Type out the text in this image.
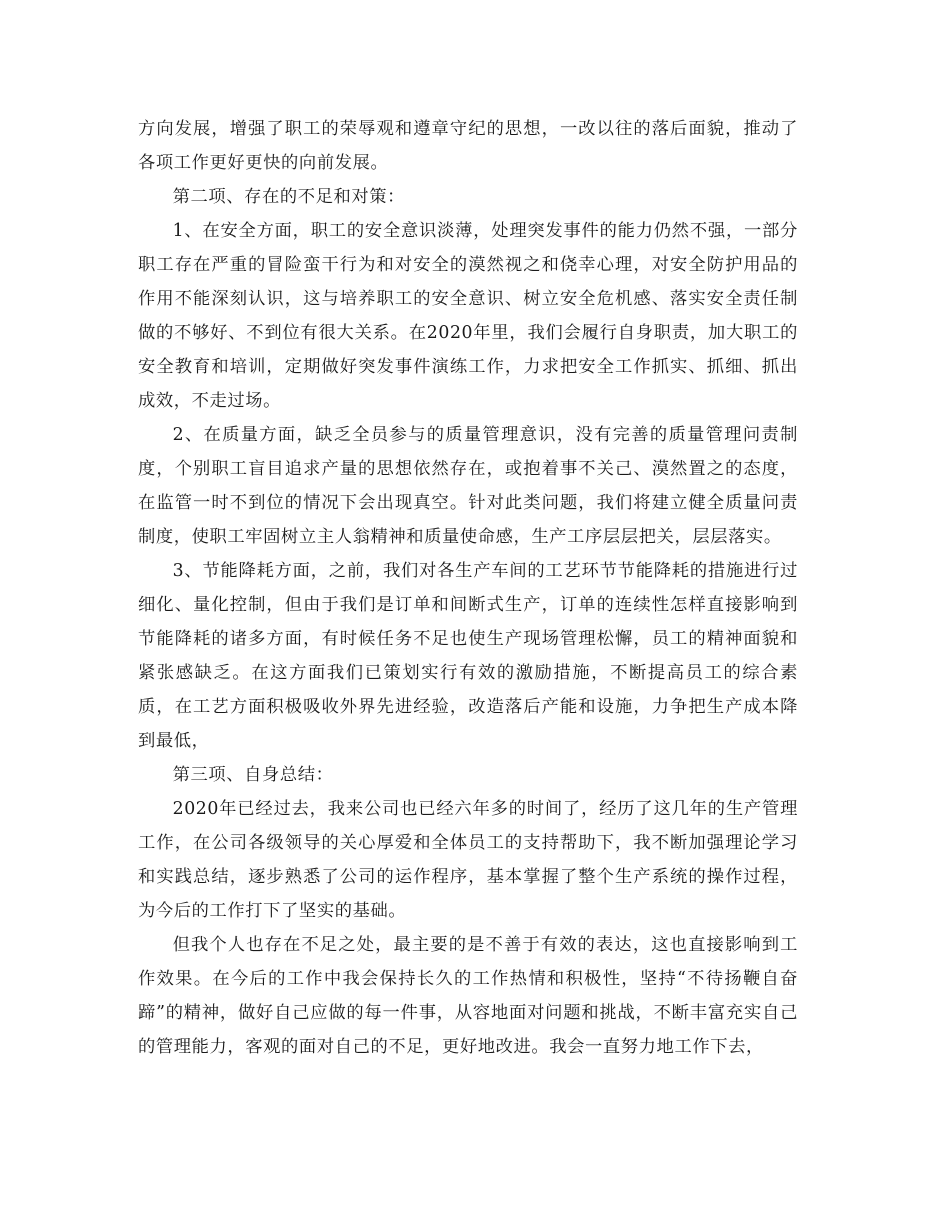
方向发展，增强了职工的荣辱观和遵章守纪的思想，一改以往的落后面貌，推动了各项工作更好更快的向前发展。

第二项、存在的不足和对策：

1、在安全方面，职工的安全意识淡薄，处理突发事件的能力仍然不强，一部分职工存在严重的冒险蛮干行为和对安全的漠然视之和侥幸心理，对安全防护用品的作用不能深刻认识，这与培养职工的安全意识、树立安全危机感、落实安全责任制做的不够好、不到位有很大关系。在2020年里，我们会履行自身职责，加大职工的安全教育和培训，定期做好突发事件演练工作，力求把安全工作抓实、抓细、抓出成效，不走过场。

2、在质量方面，缺乏全员参与的质量管理意识，没有完善的质量管理问责制度，个别职工盲目追求产量的思想依然存在，或抱着事不关己、漠然置之的态度，在监管一时不到位的情况下会出现真空。针对此类问题，我们将建立健全质量问责制度，使职工牢固树立主人翁精神和质量使命感，生产工序层层把关，层层落实。

3、节能降耗方面，之前，我们对各生产车间的工艺环节节能降耗的措施进行过细化、量化控制，但由于我们是订单和间断式生产，订单的连续性怎样直接影响到节能降耗的诸多方面，有时候任务不足也使生产现场管理松懈，员工的精神面貌和紧张感缺乏。在这方面我们已策划实行有效的激励措施，不断提高员工的综合素质，在工艺方面积极吸收外界先进经验，改造落后产能和设施，力争把生产成本降到最低，

第三项、自身总结：

2020年已经过去，我来公司也已经六年多的时间了，经历了这几年的生产管理工作，在公司各级领导的关心厚爱和全体员工的支持帮助下，我不断加强理论学习和实践总结，逐步熟悉了公司的运作程序，基本掌握了整个生产系统的操作过程，为今后的工作打下了坚实的基础。

但我个人也存在不足之处，最主要的是不善于有效的表达，这也直接影响到工作效果。在今后的工作中我会保持长久的工作热情和积极性，坚持“不待扬鞭自奋蹄”的精神，做好自己应做的每一件事，从容地面对问题和挑战，不断丰富充实自己的管理能力，客观的面对自己的不足，更好地改进。我会一直努力地工作下去，
